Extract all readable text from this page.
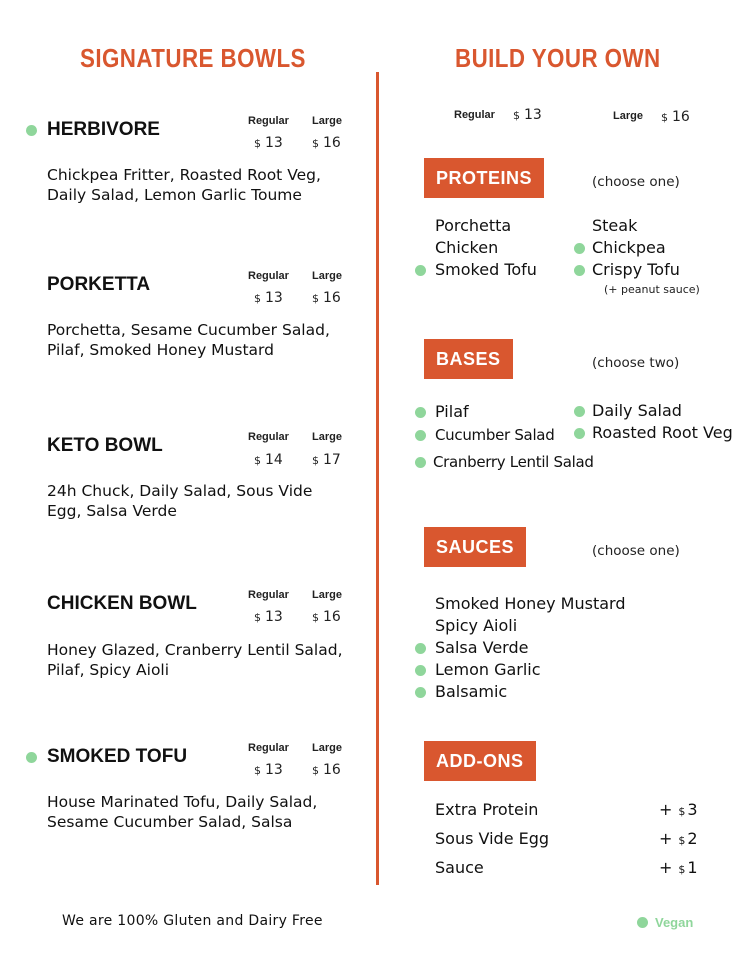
SIGNATURE BOWLS
HERBIVORE	Regular Large
$ 13	$ 16
Chickpea Fritter, Roasted Root Veg,
Daily Salad, Lemon Garlic Toume
PORKETTA	Regular Large
$ 13	$ 16
Porchetta, Sesame Cucumber Salad,
Pilaf, Smoked Honey Mustard
KETO BOWL	Regular Large
$ 14	$ 17
24h Chuck, Daily Salad, Sous Vide
Egg, Salsa Verde
CHICKEN BOWL	Regular Large
$ 13	$ 16
Honey Glazed, Cranberry Lentil Salad,
Pilaf, Spicy Aioli
SMOKED TOFU	Regular Large
$ 13	$ 16
House Marinated Tofu, Daily Salad,
Sesame Cucumber Salad, Salsa
We are 100% Gluten and Dairy Free	Vegan
BUILD YOUR OWN
Regular $ 13	Large $ 16
PROTEINS	(choose one)
Porchetta
Chicken
Smoked Tofu
Steak
Chickpea
Crispy Tofu
(+ peanut sauce)
BASES	(choose two)
Pilaf
Cucumber Salad
Cranberry Lentil Salad
Daily Salad
Roasted Root Veg
SAUCES	(choose one)
Smoked Honey Mustard
Spicy Aioli
Salsa Verde
Lemon Garlic
Balsamic
ADD-ONS
Extra Protein	+ $ 3
Sous Vide Egg	+ $ 2
Sauce	+ $ 1
